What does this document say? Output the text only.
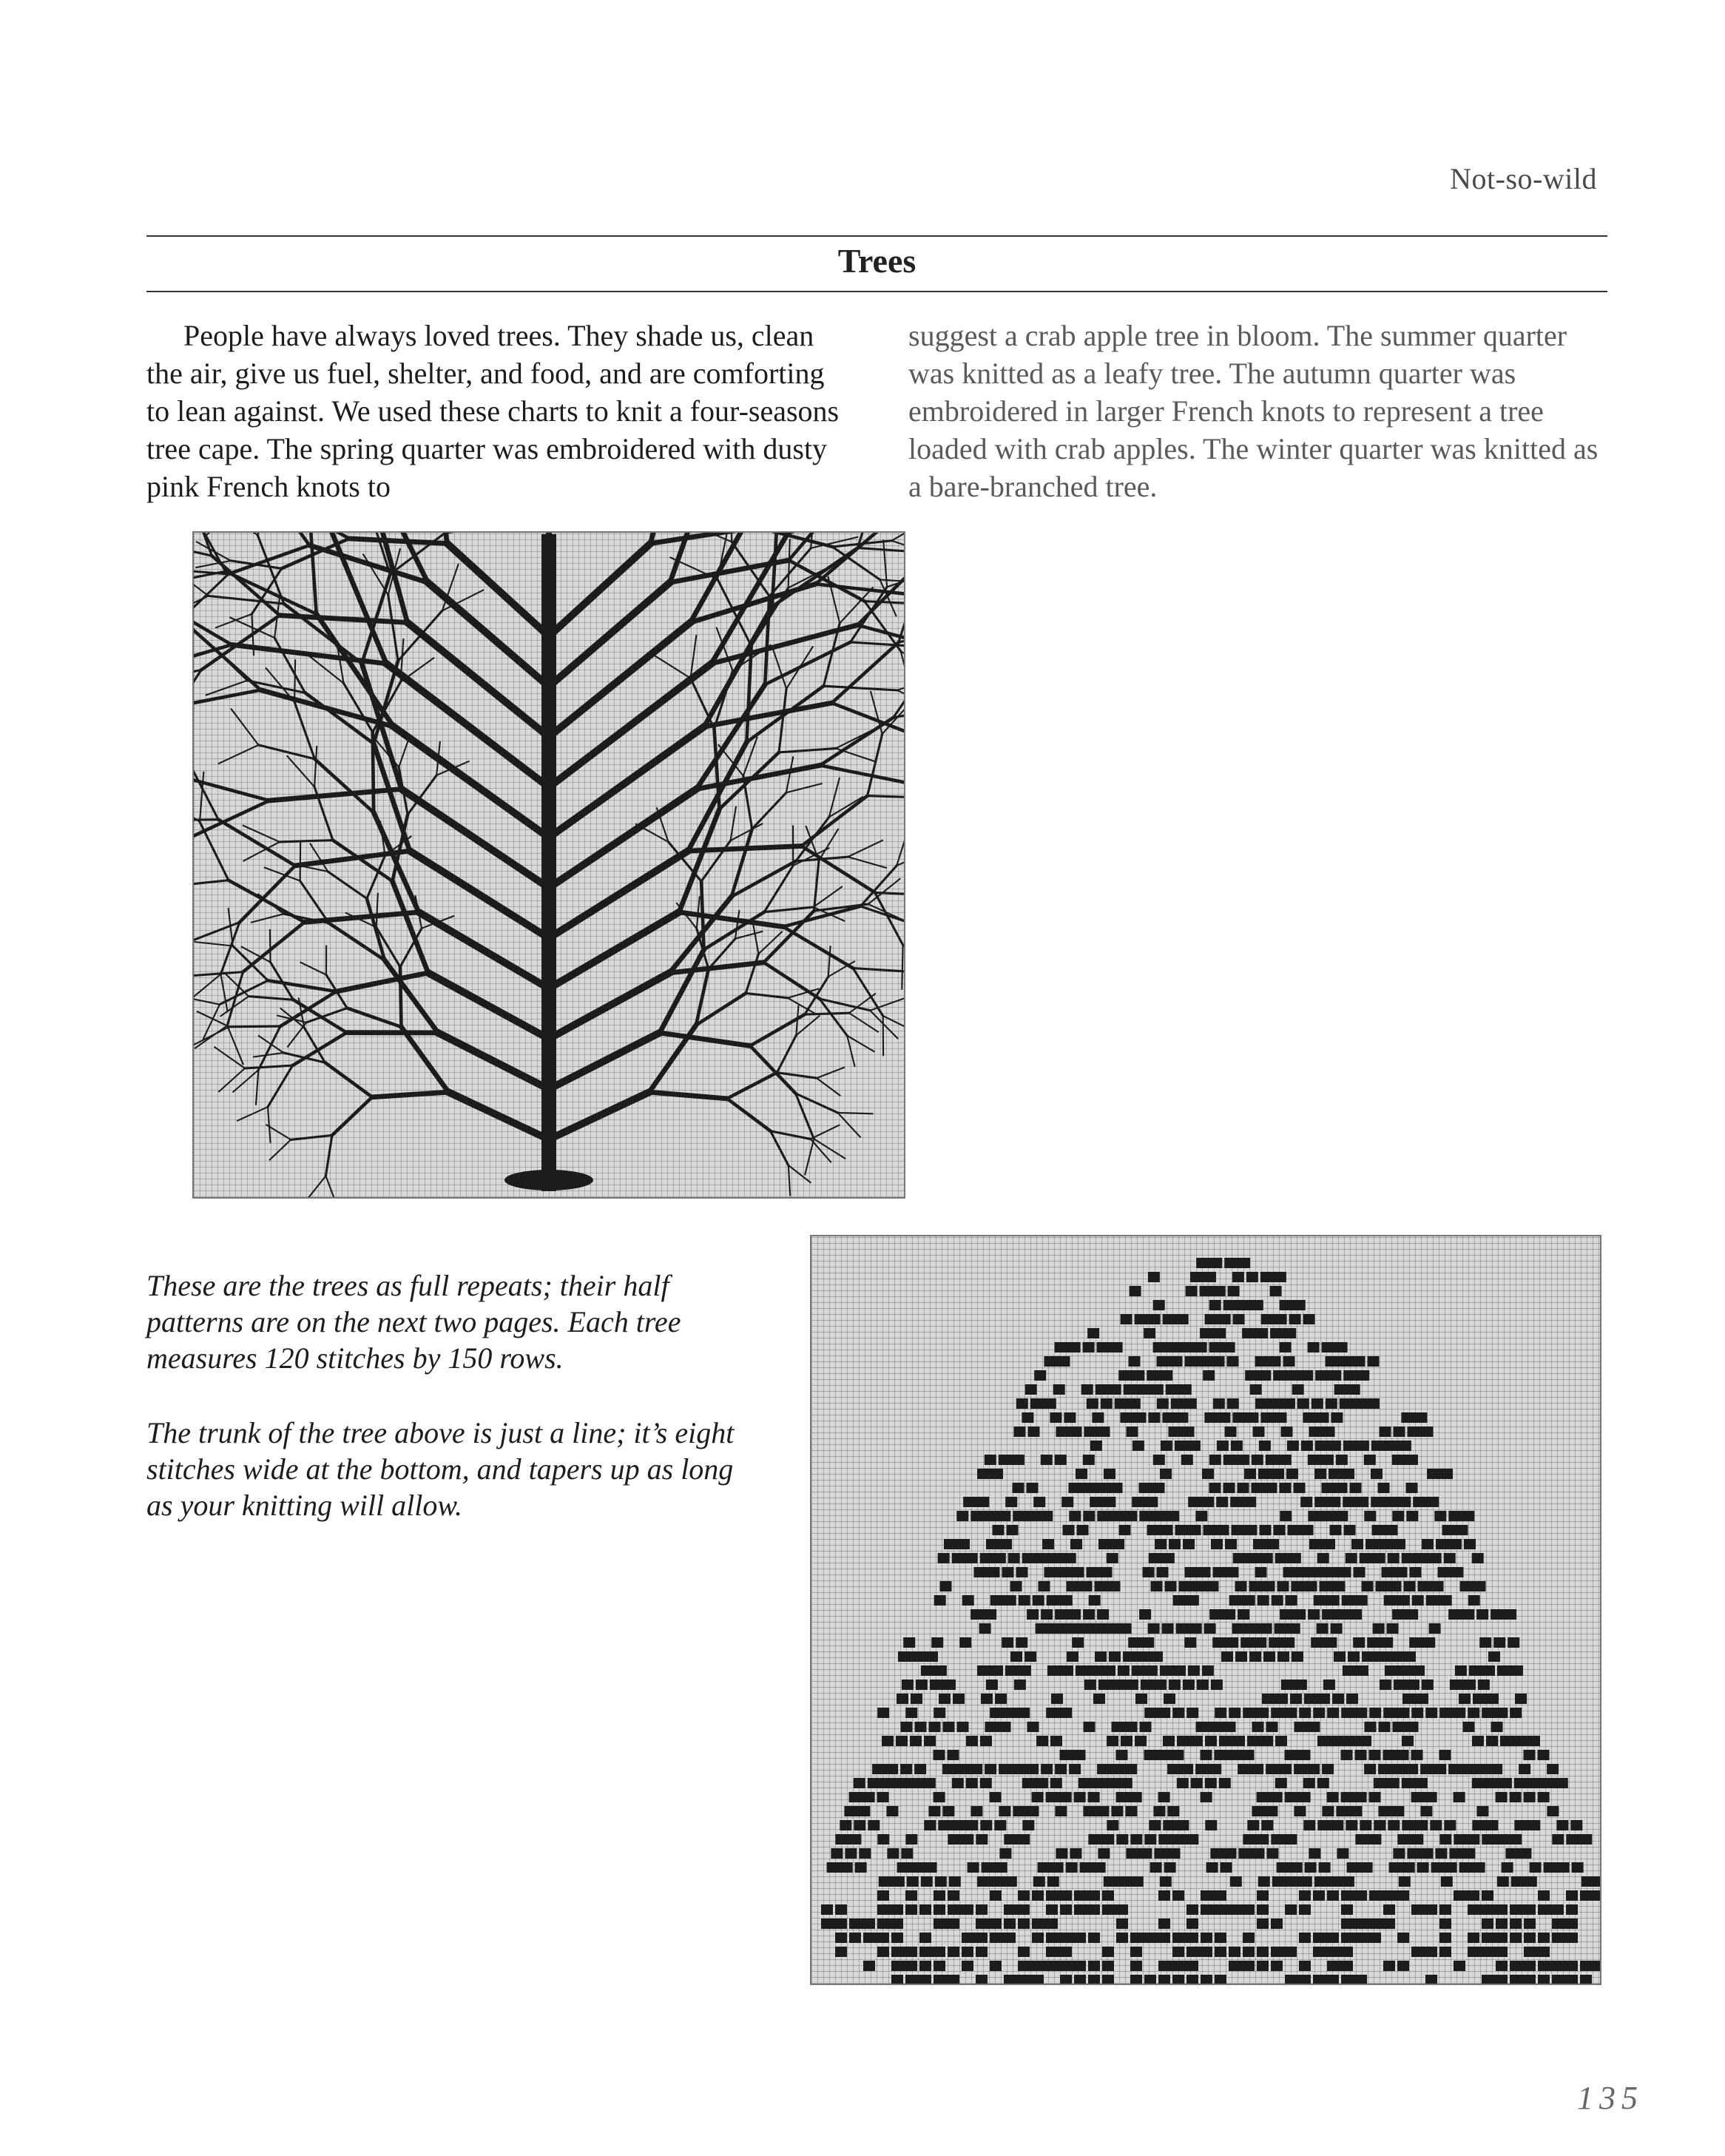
Not-so-wild
Trees

People have always loved trees. They shade us, clean the air, give us fuel, shelter, and food, and are comforting to lean against. We used these charts to knit a four-seasons tree cape. The spring quarter was embroidered with dusty pink French knots to

suggest a crab apple tree in bloom. The summer quarter was knitted as a leafy tree. The autumn quarter was embroidered in larger French knots to represent a tree loaded with crab apples. The winter quarter was knitted as a bare-branched tree.

These are the trees as full repeats; their half patterns are on the next two pages. Each tree measures 120 stitches by 150 rows.
The trunk of the tree above is just a line; it’s eight stitches wide at the bottom, and tapers up as long as your knitting will allow.
135
